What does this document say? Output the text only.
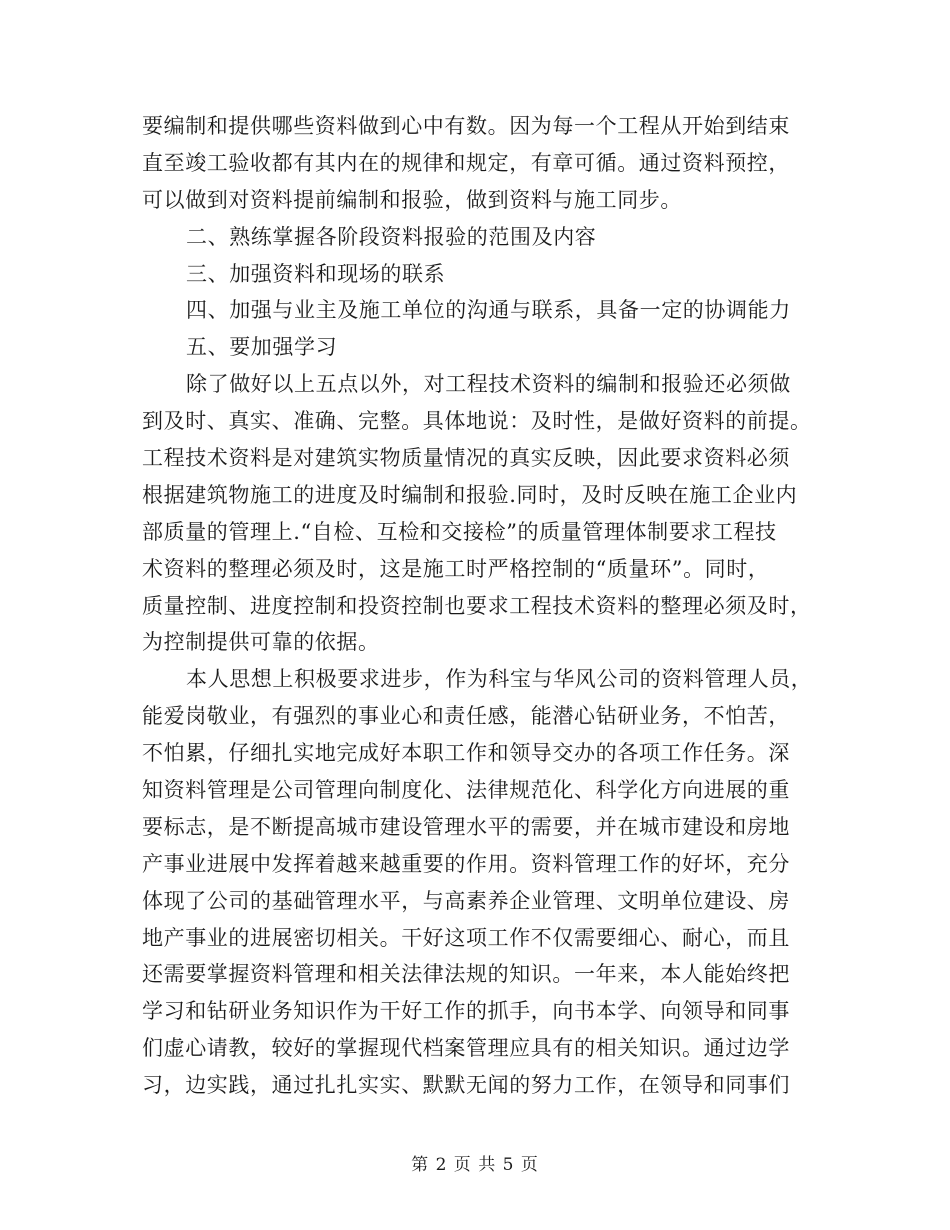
要编制和提供哪些资料做到心中有数。因为每一个工程从开始到结束
直至竣工验收都有其内在的规律和规定，有章可循。通过资料预控，
可以做到对资料提前编制和报验，做到资料与施工同步。
二、熟练掌握各阶段资料报验的范围及内容
三、加强资料和现场的联系
四、加强与业主及施工单位的沟通与联系，具备一定的协调能力
五、要加强学习
除了做好以上五点以外，对工程技术资料的编制和报验还必须做
到及时、真实、准确、完整。具体地说：及时性，是做好资料的前提。
工程技术资料是对建筑实物质量情况的真实反映，因此要求资料必须
根据建筑物施工的进度及时编制和报验.同时，及时反映在施工企业内
部质量的管理上.“自检、互检和交接检”的质量管理体制要求工程技
术资料的整理必须及时，这是施工时严格控制的“质量环”。同时，
质量控制、进度控制和投资控制也要求工程技术资料的整理必须及时，
为控制提供可靠的依据。
本人思想上积极要求进步，作为科宝与华风公司的资料管理人员，
能爱岗敬业，有强烈的事业心和责任感，能潜心钻研业务，不怕苦，
不怕累，仔细扎实地完成好本职工作和领导交办的各项工作任务。深
知资料管理是公司管理向制度化、法律规范化、科学化方向进展的重
要标志，是不断提高城市建设管理水平的需要，并在城市建设和房地
产事业进展中发挥着越来越重要的作用。资料管理工作的好坏，充分
体现了公司的基础管理水平，与高素养企业管理、文明单位建设、房
地产事业的进展密切相关。干好这项工作不仅需要细心、耐心，而且
还需要掌握资料管理和相关法律法规的知识。一年来，本人能始终把
学习和钻研业务知识作为干好工作的抓手，向书本学、向领导和同事
们虚心请教，较好的掌握现代档案管理应具有的相关知识。通过边学
习，边实践，通过扎扎实实、默默无闻的努力工作，在领导和同事们
第 2 页 共 5 页
